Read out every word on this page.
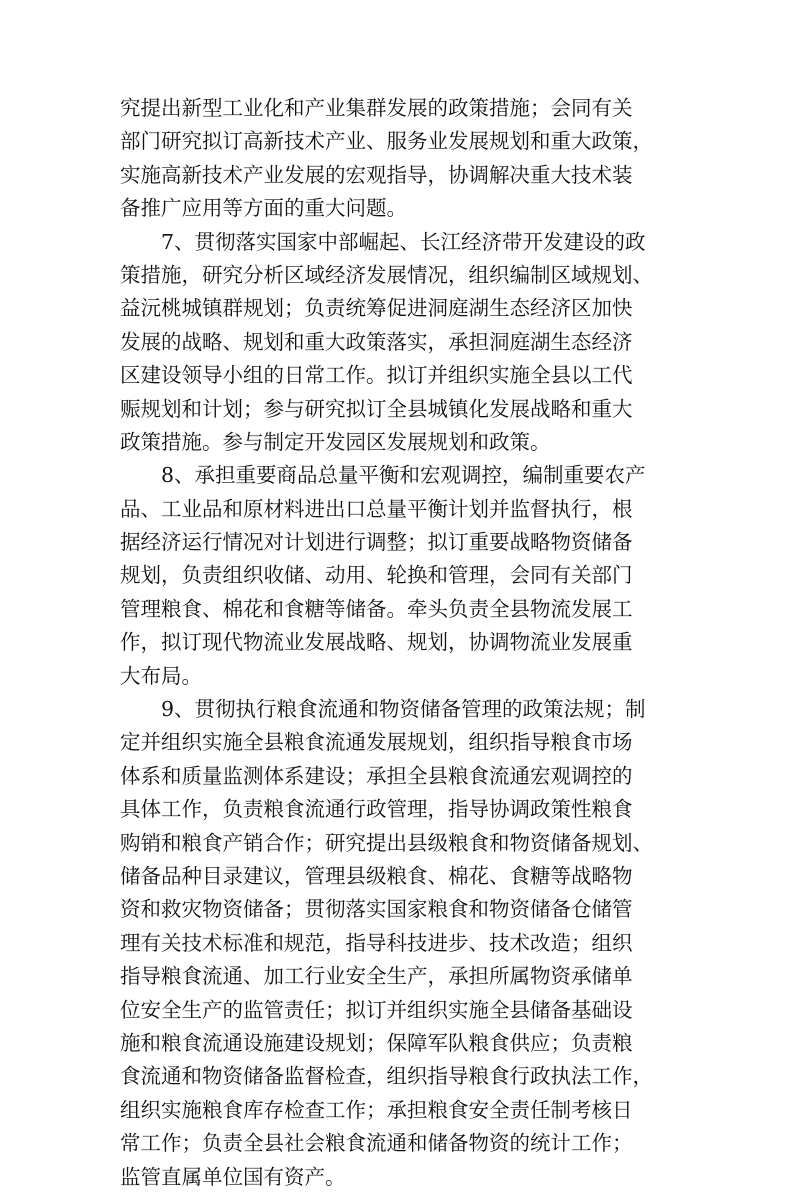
究提出新型工业化和产业集群发展的政策措施；会同有关
部门研究拟订高新技术产业、服务业发展规划和重大政策，
实施高新技术产业发展的宏观指导，协调解决重大技术装
备推广应用等方面的重大问题。
　　7、贯彻落实国家中部崛起、长江经济带开发建设的政
策措施，研究分析区域经济发展情况，组织编制区域规划、
益沅桃城镇群规划；负责统筹促进洞庭湖生态经济区加快
发展的战略、规划和重大政策落实，承担洞庭湖生态经济
区建设领导小组的日常工作。拟订并组织实施全县以工代
赈规划和计划；参与研究拟订全县城镇化发展战略和重大
政策措施。参与制定开发园区发展规划和政策。
　　8、承担重要商品总量平衡和宏观调控，编制重要农产
品、工业品和原材料进出口总量平衡计划并监督执行，根
据经济运行情况对计划进行调整；拟订重要战略物资储备
规划，负责组织收储、动用、轮换和管理，会同有关部门
管理粮食、棉花和食糖等储备。牵头负责全县物流发展工
作，拟订现代物流业发展战略、规划，协调物流业发展重
大布局。
　　9、贯彻执行粮食流通和物资储备管理的政策法规；制
定并组织实施全县粮食流通发展规划，组织指导粮食市场
体系和质量监测体系建设；承担全县粮食流通宏观调控的
具体工作，负责粮食流通行政管理，指导协调政策性粮食
购销和粮食产销合作；研究提出县级粮食和物资储备规划、
储备品种目录建议，管理县级粮食、棉花、食糖等战略物
资和救灾物资储备；贯彻落实国家粮食和物资储备仓储管
理有关技术标准和规范，指导科技进步、技术改造；组织
指导粮食流通、加工行业安全生产，承担所属物资承储单
位安全生产的监管责任；拟订并组织实施全县储备基础设
施和粮食流通设施建设规划；保障军队粮食供应；负责粮
食流通和物资储备监督检查，组织指导粮食行政执法工作，
组织实施粮食库存检查工作；承担粮食安全责任制考核日
常工作；负责全县社会粮食流通和储备物资的统计工作；
监管直属单位国有资产。
